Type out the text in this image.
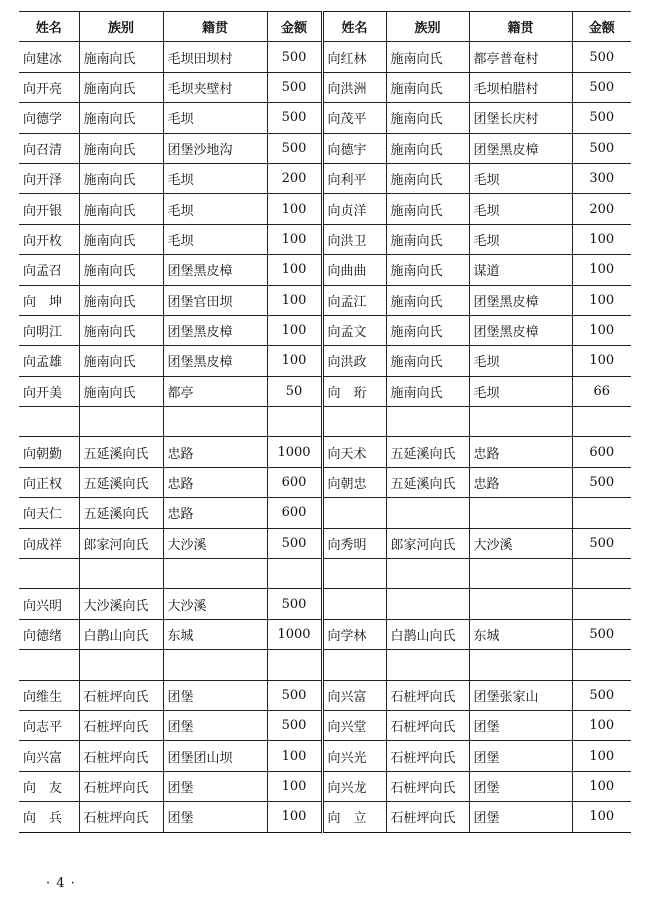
姓名	族别	籍贯	金额	姓名	族别	籍贯	金额
向建冰	施南向氏	毛坝田坝村	500	向红林	施南向氏	都亭普奄村	500
向开亮	施南向氏	毛坝夹壁村	500	向洪洲	施南向氏	毛坝柏腊村	500
向德学	施南向氏	毛坝	500	向茂平	施南向氏	团堡长庆村	500
向召清	施南向氏	团堡沙地沟	500	向德宇	施南向氏	团堡黑皮樟	500
向开泽	施南向氏	毛坝	200	向利平	施南向氏	毛坝	300
向开银	施南向氏	毛坝	100	向贞洋	施南向氏	毛坝	200
向开枚	施南向氏	毛坝	100	向洪卫	施南向氏	毛坝	100
向孟召	施南向氏	团堡黑皮樟	100	向曲曲	施南向氏	谋道	100
向　坤	施南向氏	团堡官田坝	100	向孟江	施南向氏	团堡黑皮樟	100
向明江	施南向氏	团堡黑皮樟	100	向孟文	施南向氏	团堡黑皮樟	100
向孟雄	施南向氏	团堡黑皮樟	100	向洪政	施南向氏	毛坝	100
向开美	施南向氏	都亭	50	向　珩	施南向氏	毛坝	66

向朝勤	五延溪向氏	忠路	1000	向天术	五延溪向氏	忠路	600
向正权	五延溪向氏	忠路	600	向朝忠	五延溪向氏	忠路	500
向天仁	五延溪向氏	忠路	600				
向成祥	郎家河向氏	大沙溪	500	向秀明	郎家河向氏	大沙溪	500

向兴明	大沙溪向氏	大沙溪	500				
向德绪	白鹊山向氏	东城	1000	向学林	白鹊山向氏	东城	500

向维生	石桩坪向氏	团堡	500	向兴富	石桩坪向氏	团堡张家山	500
向志平	石桩坪向氏	团堡	500	向兴堂	石桩坪向氏	团堡	100
向兴富	石桩坪向氏	团堡团山坝	100	向兴光	石桩坪向氏	团堡	100
向　友	石桩坪向氏	团堡	100	向兴龙	石桩坪向氏	团堡	100
向　兵	石桩坪向氏	团堡	100	向　立	石桩坪向氏	团堡	100
· 4 ·
